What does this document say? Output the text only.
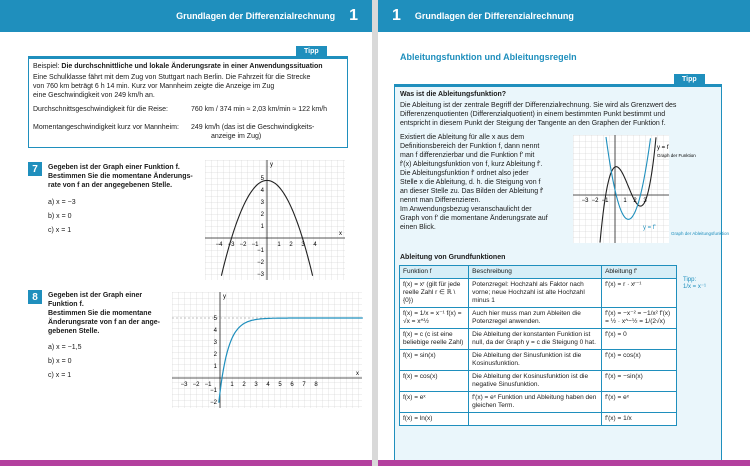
Grundlagen der Differenzialrechnung 1
Tipp
Beispiel: Die durchschnittliche und lokale Änderungsrate in einer Anwendungssituation
Eine Schulklasse fährt mit dem Zug von Stuttgart nach Berlin. Die Fahrzeit für die Strecke
von 760 km beträgt 6 h 14 min. Kurz vor Mannheim zeigte die Anzeige im Zug
eine Geschwindigkeit von 249 km/h an.
Durchschnittsgeschwindigkeit für die Reise:	760 km / 374 min ≈ 2,03 km/min ≈ 122 km/h
Momentangeschwindigkeit kurz vor Mannheim: 249 km/h (das ist die Geschwindigkeits-
anzeige im Zug)
7	Gegeben ist der Graph einer Funktion f.
Bestimmen Sie die momentane Änderungs-
rate von f an der angegebenen Stelle.
a) x = −3
b) x = 0
c) x = 1	x
y
−4 −3 −2 −1	1 2 3 4
5
4
3
2
1
−1
−2
−3
8	Gegeben ist der Graph einer
Funktion f.
Bestimmen Sie die momentane
Änderungsrate von f an der ange-
gebenen Stelle.
a) x = −1,5
b) x = 0
c) x = 1	x
y
−3 −2 −1	1 2 3 4 5 6 7 8
5
4
3
2
1
−1
−2
1 Grundlagen der Differenzialrechnung
Ableitungsfunktion und Ableitungsregeln
Tipp
Was ist die Ableitungsfunktion?
Die Ableitung ist der zentrale Begriff der Differenzialrechnung. Sie wird als Grenzwert des
Differenzenquotienten (Differenzialquotient) in einem bestimmten Punkt bestimmt und
entspricht in diesem Punkt der Steigung der Tangente an den Graphen der Funktion f.
Existiert die Ableitung für alle x aus dem
Definitionsbereich der Funktion f, dann nennt
man f differenzierbar und die Funktion f' mit
f'(x) Ableitungsfunktion von f, kurz Ableitung f'.
Die Ableitungsfunktion f' ordnet also jeder
Stelle x die Ableitung, d. h. die Steigung von f
an dieser Stelle zu. Das Bilden der Ableitung f'
nennt man Differenzieren.
Im Anwendungsbezug veranschaulicht der
Graph von f' die momentane Änderungsrate auf
einen Blick.
y = f
Graph der Funktion
y = f'
Graph der Ableitungsfunktion
−3 −2 −1 1 2 3
Ableitung von Grundfunktionen
Funktion f	Beschreibung	Ableitung f'
f(x) = xʳ (gilt für jede reelle Zahl r ∈ ℝ \ {0})	Potenzregel: Hochzahl als Faktor nach vorne; neue Hochzahl ist alte Hochzahl minus 1	f'(x) = r · xʳ⁻¹
f(x) = 1/x = x⁻¹ f(x) = √x = x^½	Auch hier muss man zum Ableiten die Potenzregel anwenden.	f'(x) = −x⁻² = −1/x² f'(x) = ½ · x^−½ = 1/(2√x)
f(x) = c (c ist eine beliebige reelle Zahl)	Die Ableitung der konstanten Funktion ist null, da der Graph y = c die Steigung 0 hat.	f'(x) = 0
f(x) = sin(x)	Die Ableitung der Sinusfunktion ist die Kosinusfunktion.	f'(x) = cos(x)
f(x) = cos(x)	Die Ableitung der Kosinusfunktion ist die negative Sinusfunktion.	f'(x) = −sin(x)
f(x) = eˣ	f'(x) = eˣ Funktion und Ableitung haben den gleichen Term.	f'(x) = eˣ
f(x) = ln(x)		f'(x) = 1/x
Tipp:
1/x = x⁻¹
